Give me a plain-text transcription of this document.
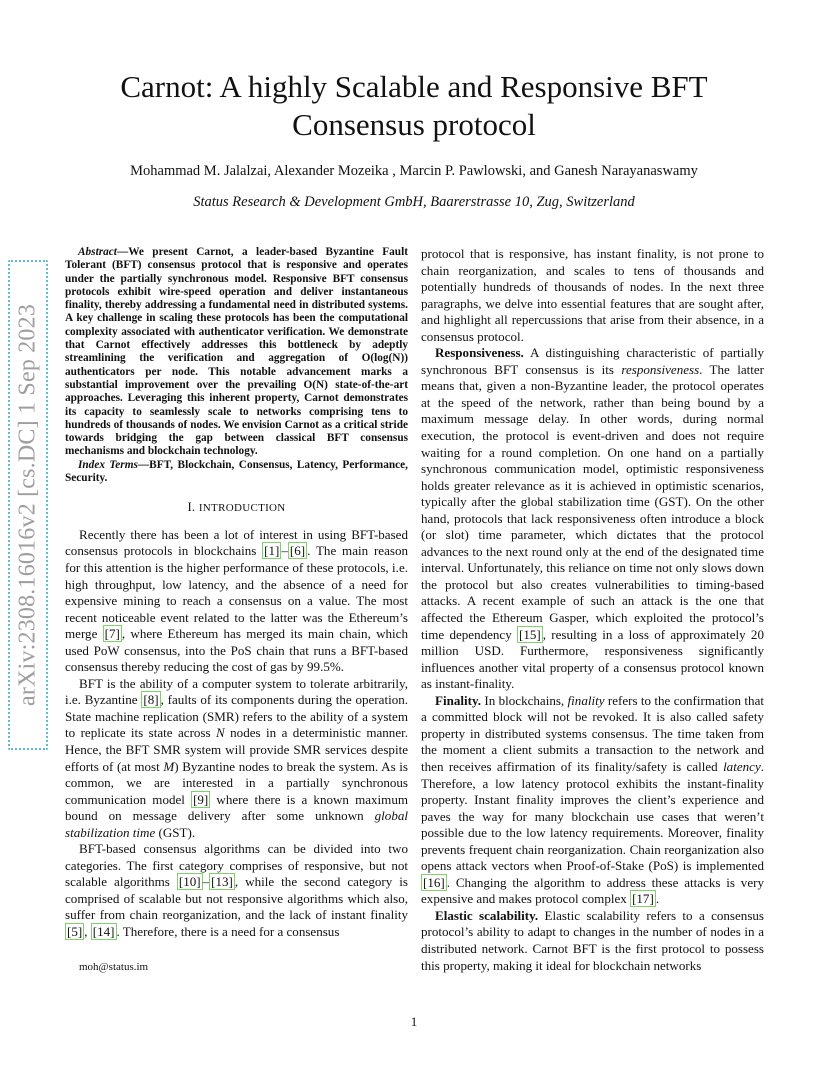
arXiv:2308.16016v2 [cs.DC] 1 Sep 2023
Carnot: A highly Scalable and Responsive BFT
Consensus protocol
Mohammad M. Jalalzai, Alexander Mozeika , Marcin P. Pawlowski, and Ganesh Narayanaswamy
Status Research & Development GmbH, Baarerstrasse 10, Zug, Switzerland

Abstract—We present Carnot, a leader-based Byzantine Fault Tolerant (BFT) consensus protocol that is responsive and operates under the partially synchronous model. Responsive BFT consensus protocols exhibit wire-speed operation and deliver instantaneous finality, thereby addressing a fundamental need in distributed systems. A key challenge in scaling these protocols has been the computational complexity associated with authenticator verification. We demonstrate that Carnot effectively addresses this bottleneck by adeptly streamlining the verification and aggregation of O(log(N)) authenticators per node. This notable advancement marks a substantial improvement over the prevailing O(N) state-of-the-art approaches. Leveraging this inherent property, Carnot demonstrates its capacity to seamlessly scale to networks comprising tens to hundreds of thousands of nodes. We envision Carnot as a critical stride towards bridging the gap between classical BFT consensus mechanisms and blockchain technology.

Index Terms—BFT, Blockchain, Consensus, Latency, Performance, Security.

I. INTRODUCTION

Recently there has been a lot of interest in using BFT-based consensus protocols in blockchains [1] – [6] . The main reason for this attention is the higher performance of these protocols, i.e. high throughput, low latency, and the absence of a need for expensive mining to reach a consensus on a value. The most recent noticeable event related to the latter was the Ethereum’s merge [7] , where Ethereum has merged its main chain, which used PoW consensus, into the PoS chain that runs a BFT-based consensus thereby reducing the cost of gas by 99.5%.

BFT is the ability of a computer system to tolerate arbitrarily, i.e. Byzantine [8] , faults of its components during the operation. State machine replication (SMR) refers to the ability of a system to replicate its state across N nodes in a deterministic manner. Hence, the BFT SMR system will provide SMR services despite efforts of (at most M) Byzantine nodes to break the system. As is common, we are interested in a partially synchronous communication model [9] where there is a known maximum bound on message delivery after some unknown global stabilization time (GST).

BFT-based consensus algorithms can be divided into two categories. The first category comprises of responsive, but not scalable algorithms [10] – [13] , while the second category is comprised of scalable but not responsive algorithms which also, suffer from chain reorganization, and the lack of instant finality [5] , [14] . Therefore, there is a need for a consensus

protocol that is responsive, has instant finality, is not prone to chain reorganization, and scales to tens of thousands and potentially hundreds of thousands of nodes. In the next three paragraphs, we delve into essential features that are sought after, and highlight all repercussions that arise from their absence, in a consensus protocol.

Responsiveness. A distinguishing characteristic of partially synchronous BFT consensus is its responsiveness. The latter means that, given a non-Byzantine leader, the protocol operates at the speed of the network, rather than being bound by a maximum message delay. In other words, during normal execution, the protocol is event-driven and does not require waiting for a round completion. On one hand on a partially synchronous communication model, optimistic responsiveness holds greater relevance as it is achieved in optimistic scenarios, typically after the global stabilization time (GST). On the other hand, protocols that lack responsiveness often introduce a block (or slot) time parameter, which dictates that the protocol advances to the next round only at the end of the designated time interval. Unfortunately, this reliance on time not only slows down the protocol but also creates vulnerabilities to timing-based attacks. A recent example of such an attack is the one that affected the Ethereum Gasper, which exploited the protocol’s time dependency [15] , resulting in a loss of approximately 20 million USD. Furthermore, responsiveness significantly influences another vital property of a consensus protocol known as instant-finality.

Finality. In blockchains, finality refers to the confirmation that a committed block will not be revoked. It is also called safety property in distributed systems consensus. The time taken from the moment a client submits a transaction to the network and then receives affirmation of its finality/safety is called latency. Therefore, a low latency protocol exhibits the instant-finality property. Instant finality improves the client’s experience and paves the way for many blockchain use cases that weren’t possible due to the low latency requirements. Moreover, finality prevents frequent chain reorganization. Chain reorganization also opens attack vectors when Proof-of-Stake (PoS) is implemented [16] . Changing the algorithm to address these attacks is very expensive and makes protocol complex [17] .

Elastic scalability. Elastic scalability refers to a consensus protocol’s ability to adapt to changes in the number of nodes in a distributed network. Carnot BFT is the first protocol to possess this property, making it ideal for blockchain networks

moh@status.im
1
